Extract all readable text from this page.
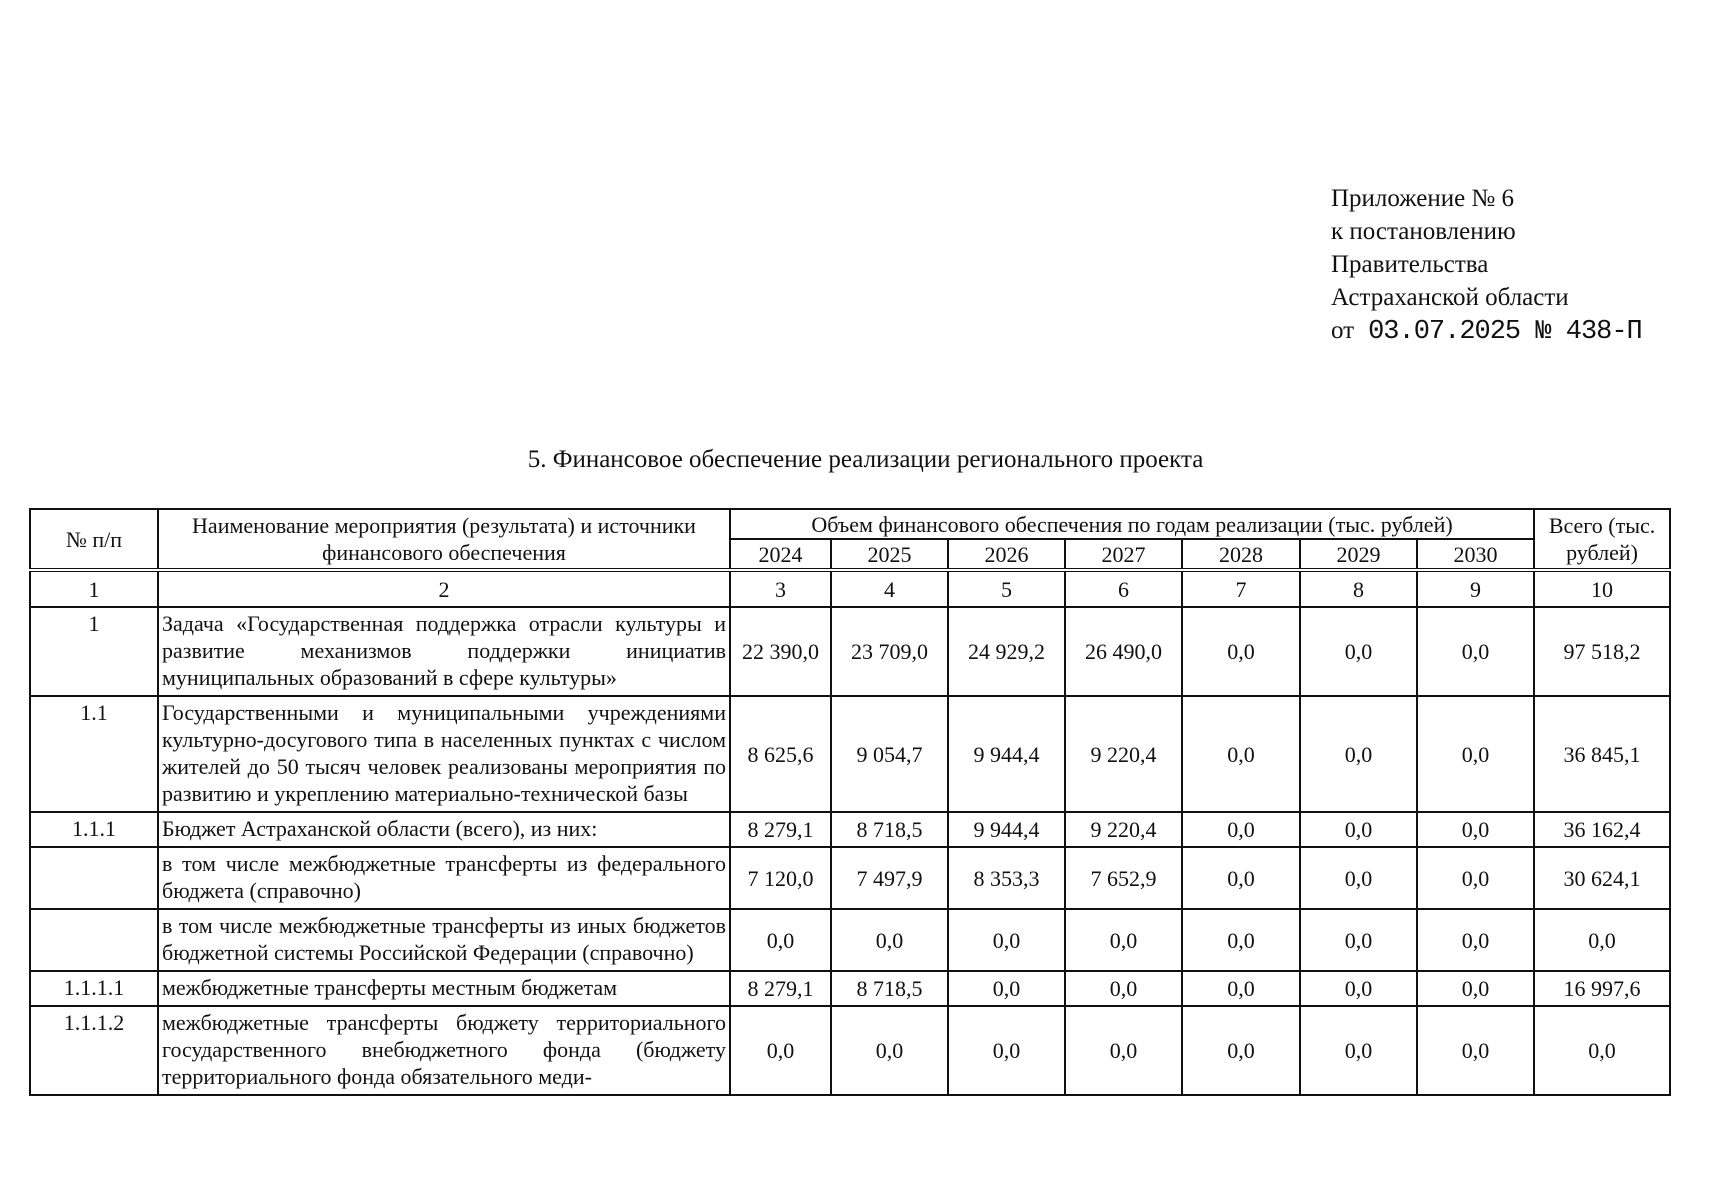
Приложение № 6
к постановлению
Правительства
Астраханской области
от 03.07.2025 № 438-П
5. Финансовое обеспечение реализации регионального проекта
№ п/п	Наименование мероприятия (результата) и источники финансового обеспечения	Объем финансового обеспечения по годам реализации (тыс. рублей)							Всего (тыс. рублей)
		2024	2025	2026	2027	2028	2029	2030	
1	2	3	4	5	6	7	8	9	10
1	Задача «Государственная поддержка отрасли культуры и развитие механизмов поддержки инициатив муниципальных образований в сфере культуры»	22 390,0	23 709,0	24 929,2	26 490,0	0,0	0,0	0,0	97 518,2
1.1	Государственными и муниципальными учреждениями культурно-досугового типа в населенных пунктах с числом жителей до 50 тысяч человек реализованы мероприятия по развитию и укреплению материально-технической базы	8 625,6	9 054,7	9 944,4	9 220,4	0,0	0,0	0,0	36 845,1
1.1.1	Бюджет Астраханской области (всего), из них:	8 279,1	8 718,5	9 944,4	9 220,4	0,0	0,0	0,0	36 162,4
	в том числе межбюджетные трансферты из федерального бюджета (справочно)	7 120,0	7 497,9	8 353,3	7 652,9	0,0	0,0	0,0	30 624,1
	в том числе межбюджетные трансферты из иных бюджетов бюджетной системы Российской Федерации (справочно)	0,0	0,0	0,0	0,0	0,0	0,0	0,0	0,0
1.1.1.1	межбюджетные трансферты местным бюджетам	8 279,1	8 718,5	0,0	0,0	0,0	0,0	0,0	16 997,6
1.1.1.2	межбюджетные трансферты бюджету территориального государственного внебюджетного фонда (бюджету территориального фонда обязательного меди-	0,0	0,0	0,0	0,0	0,0	0,0	0,0	0,0
